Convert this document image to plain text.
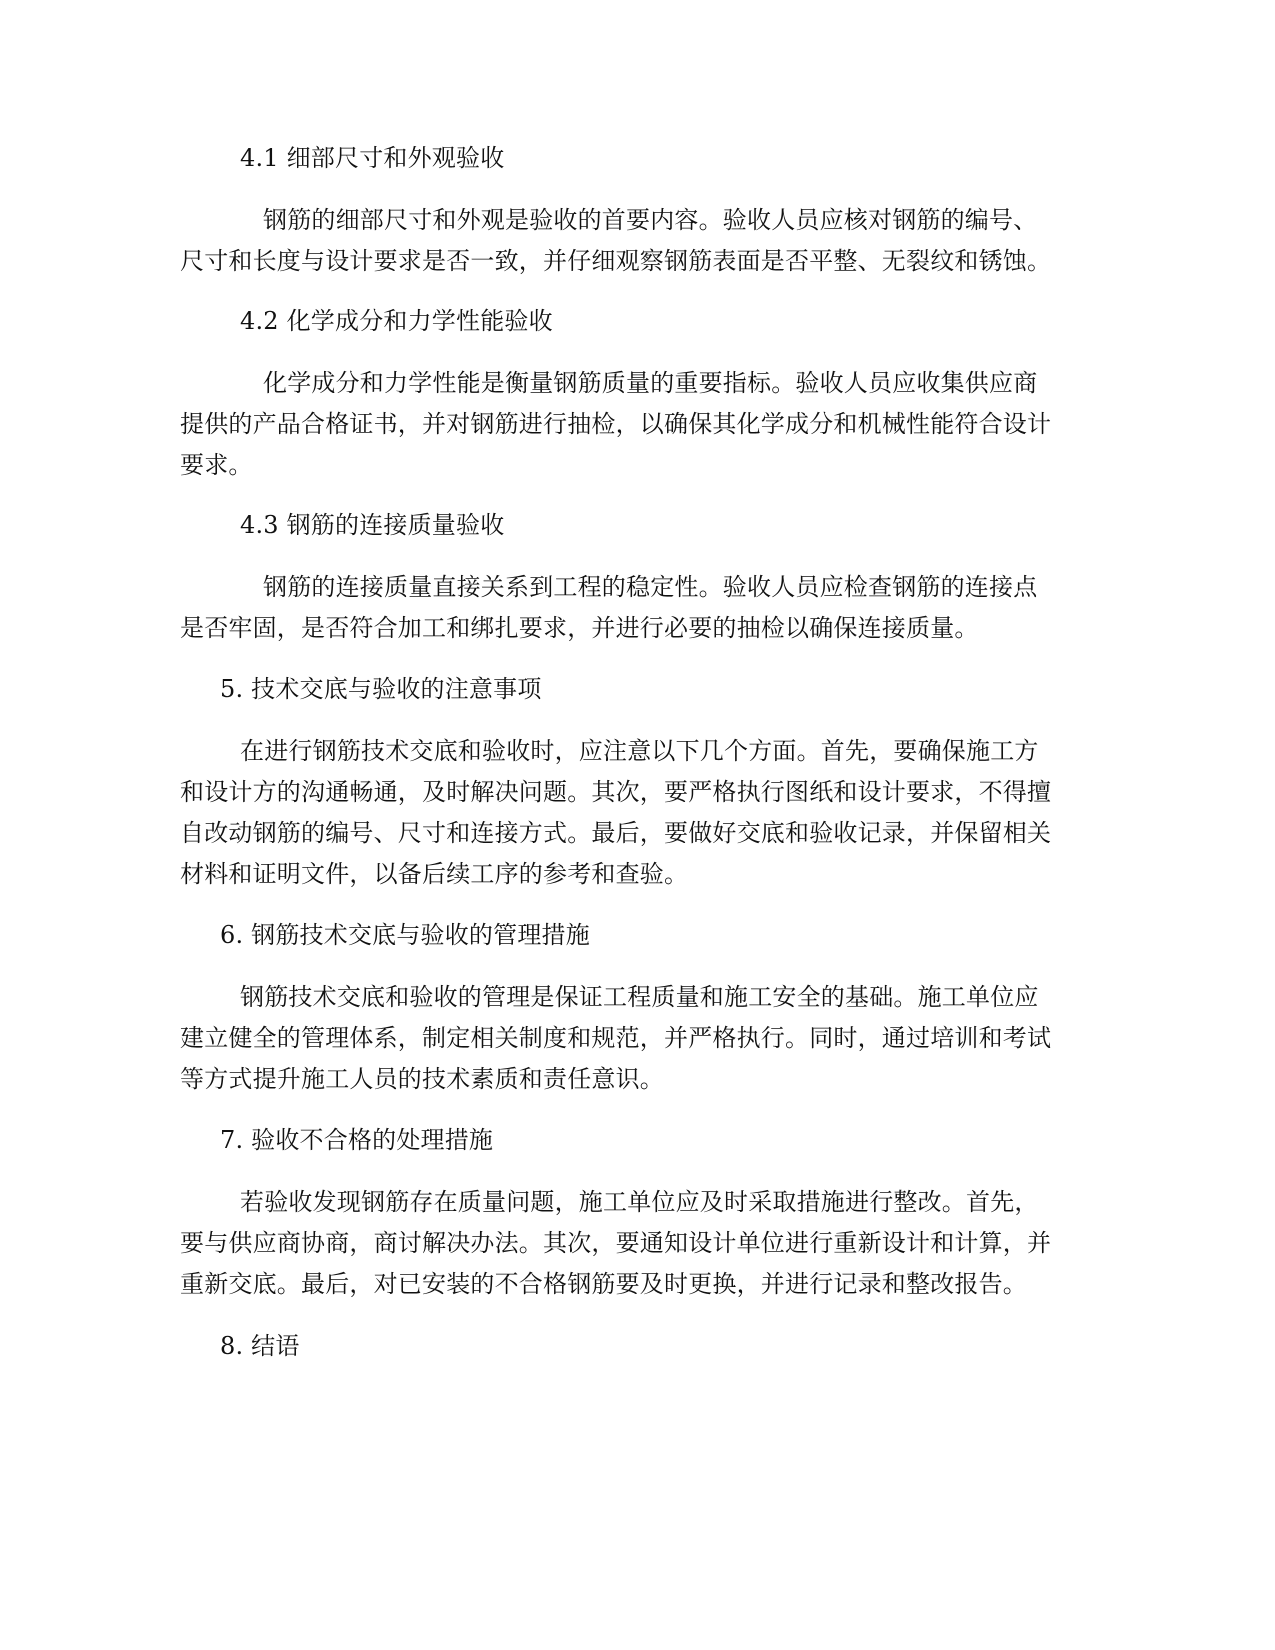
4.1 细部尺寸和外观验收

钢筋的细部尺寸和外观是验收的首要内容。验收人员应核对钢筋的编号、

尺寸和长度与设计要求是否一致，并仔细观察钢筋表面是否平整、无裂纹和锈蚀。

4.2 化学成分和力学性能验收

化学成分和力学性能是衡量钢筋质量的重要指标。验收人员应收集供应商

提供的产品合格证书，并对钢筋进行抽检，以确保其化学成分和机械性能符合设计

要求。

4.3 钢筋的连接质量验收

钢筋的连接质量直接关系到工程的稳定性。验收人员应检查钢筋的连接点

是否牢固，是否符合加工和绑扎要求，并进行必要的抽检以确保连接质量。

5. 技术交底与验收的注意事项

在进行钢筋技术交底和验收时，应注意以下几个方面。首先，要确保施工方

和设计方的沟通畅通，及时解决问题。其次，要严格执行图纸和设计要求，不得擅

自改动钢筋的编号、尺寸和连接方式。最后，要做好交底和验收记录，并保留相关

材料和证明文件，以备后续工序的参考和查验。

6. 钢筋技术交底与验收的管理措施

钢筋技术交底和验收的管理是保证工程质量和施工安全的基础。施工单位应

建立健全的管理体系，制定相关制度和规范，并严格执行。同时，通过培训和考试

等方式提升施工人员的技术素质和责任意识。

7. 验收不合格的处理措施

若验收发现钢筋存在质量问题，施工单位应及时采取措施进行整改。首先，

要与供应商协商，商讨解决办法。其次，要通知设计单位进行重新设计和计算，并

重新交底。最后，对已安装的不合格钢筋要及时更换，并进行记录和整改报告。

8. 结语
